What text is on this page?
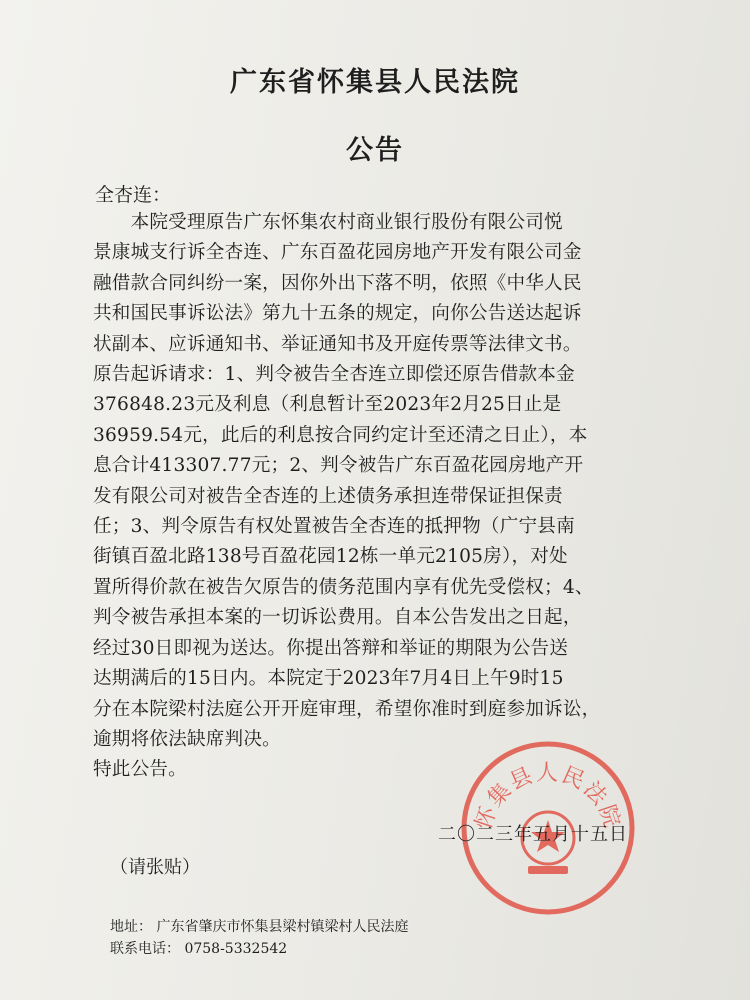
广东省怀集县人民法院
公告
全杏连：
　　本院受理原告广东怀集农村商业银行股份有限公司悦
景康城支行诉全杏连、广东百盈花园房地产开发有限公司金
融借款合同纠纷一案，因你外出下落不明，依照《中华人民
共和国民事诉讼法》第九十五条的规定，向你公告送达起诉
状副本、应诉通知书、举证通知书及开庭传票等法律文书。
原告起诉请求：1、判令被告全杏连立即偿还原告借款本金
376848.23元及利息（利息暂计至2023年2月25日止是
36959.54元，此后的利息按合同约定计至还清之日止），本
息合计413307.77元；2、判令被告广东百盈花园房地产开
发有限公司对被告全杏连的上述债务承担连带保证担保责
任；3、判令原告有权处置被告全杏连的抵押物（广宁县南
街镇百盈北路138号百盈花园12栋一单元2105房），对处
置所得价款在被告欠原告的债务范围内享有优先受偿权；4、
判令被告承担本案的一切诉讼费用。自本公告发出之日起，
经过30日即视为送达。你提出答辩和举证的期限为公告送
达期满后的15日内。本院定于2023年7月4日上午9时15
分在本院梁村法庭公开开庭审理，希望你准时到庭参加诉讼，
逾期将依法缺席判决。
特此公告。
怀集县人民法院
二〇二三年五月十五日
（请张贴）
地址： 广东省肇庆市怀集县梁村镇梁村人民法庭
联系电话： 0758-5332542
